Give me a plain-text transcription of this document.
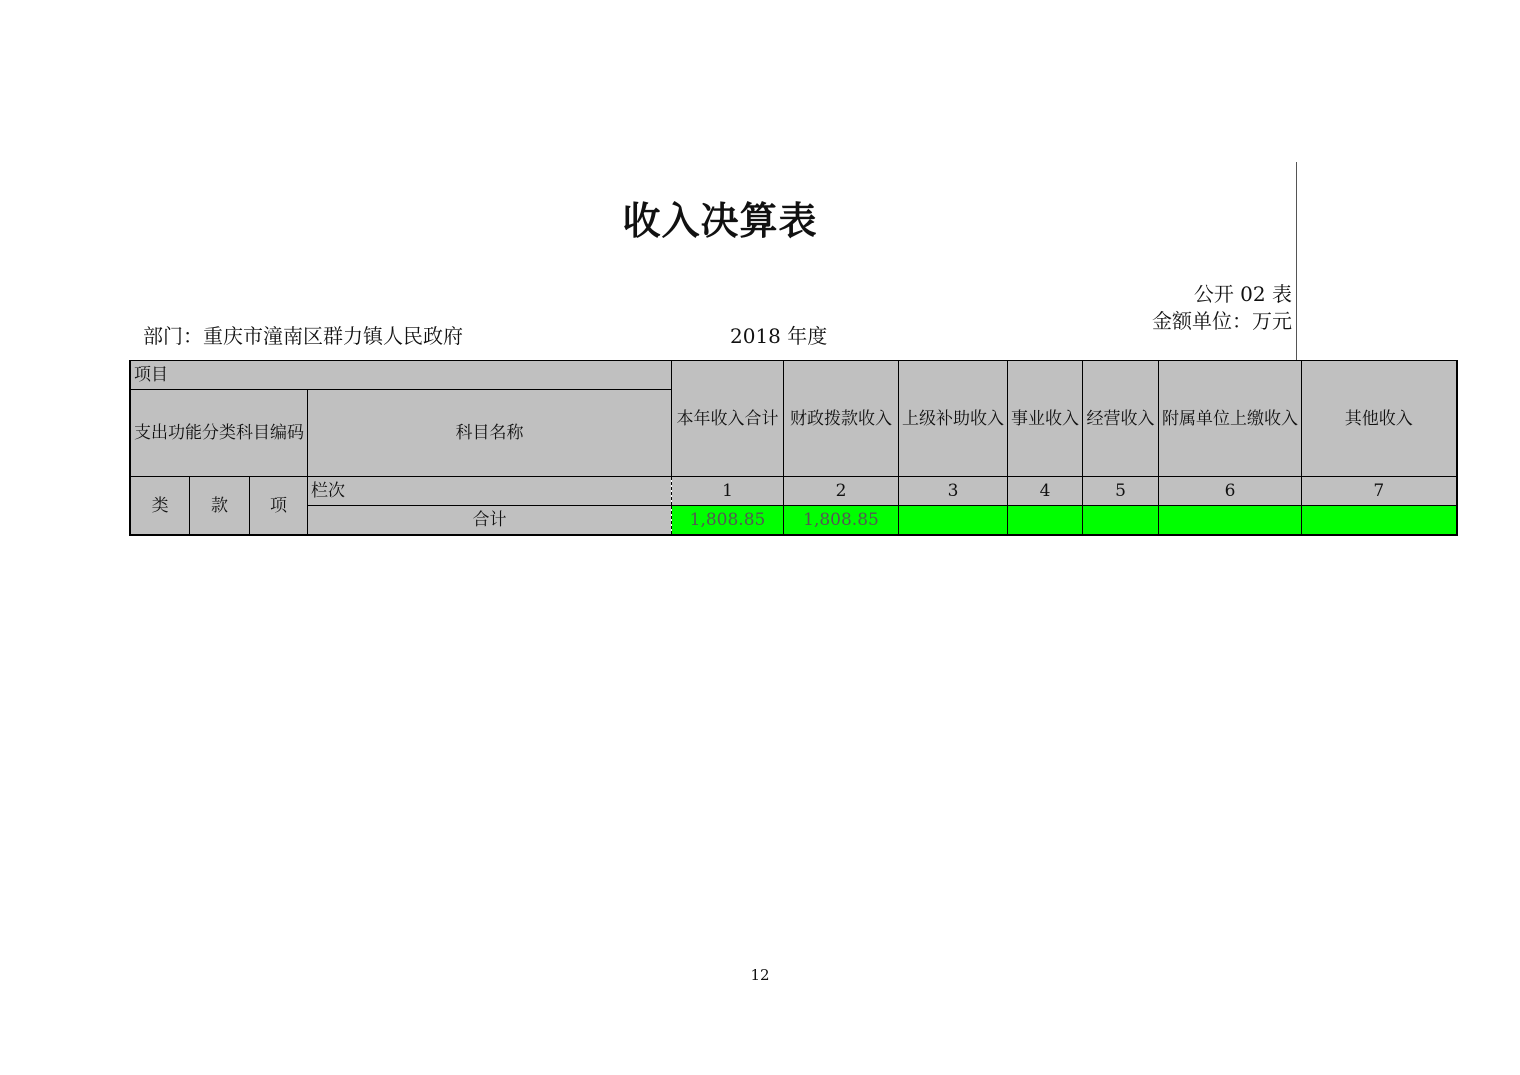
收入决算表
公开 02 表
金额单位：万元
部门：重庆市潼南区群力镇人民政府	2018 年度
项目				本年收入合计	财政拨款收入	上级补助收入	事业收入	经营收入	附属单位上缴收入	其他收入
支出功能分类科目编码			科目名称							
类	款	项	栏次	1	2	3	4	5	6	7
			合计	1,808.85	1,808.85					
12
